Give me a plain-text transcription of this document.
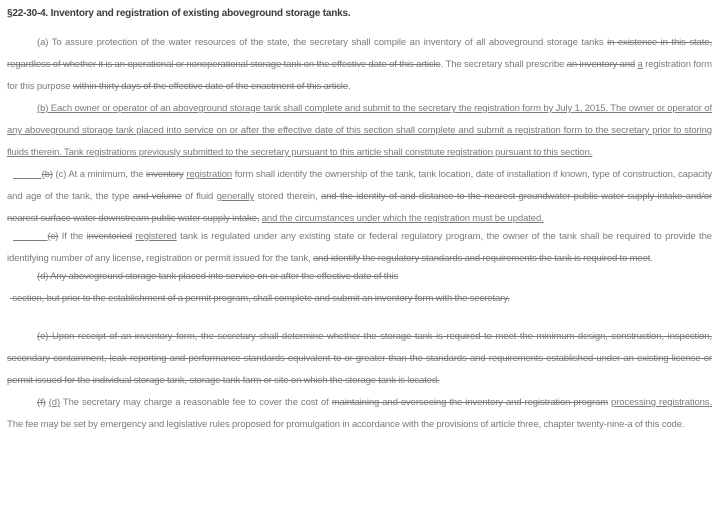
§22-30-4. Inventory and registration of existing aboveground storage tanks.

(a) To assure protection of the water resources of the state, the secretary shall compile an inventory of all aboveground storage tanks in existence in this state, regardless of whether it is an operational or nonoperational storage tank on the effective date of this article. The secretary shall prescribe an inventory and a registration form for this purpose within thirty days of the effective date of the enactment of this article.

(b) Each owner or operator of an aboveground storage tank shall complete and submit to the secretary the registration form by July 1, 2015. The owner or operator of any aboveground storage tank placed into service on or after the effective date of this section shall complete and submit a registration form to the secretary prior to storing fluids therein. Tank registrations previously submitted to the secretary pursuant to this article shall constitute registration pursuant to this section.

(b) (c) At a minimum, the inventory registration form shall identify the ownership of the tank, tank location, date of installation if known, type of construction, capacity and age of the tank, the type and volume of fluid generally stored therein, and the identity of and distance to the nearest groundwater public water supply intake and/or nearest surface water downstream public water supply intake, and the circumstances under which the registration must be updated.

(c) If the inventoried registered tank is regulated under any existing state or federal regulatory program, the owner of the tank shall be required to provide the identifying number of any license, registration or permit issued for the tank, and identify the regulatory standards and requirements the tank is required to meet.

(d) Any aboveground storage tank placed into service on or after the effective date of this

section, but prior to the establishment of a permit program, shall complete and submit an inventory form with the secretary.

(e) Upon receipt of an inventory form, the secretary shall determine whether the storage tank is required to meet the minimum design, construction, inspection, secondary containment, leak reporting and performance standards equivalent to or greater than the standards and requirements established under an existing license or permit issued for the individual storage tank, storage tank farm or site on which the storage tank is located.

(f) (d) The secretary may charge a reasonable fee to cover the cost of maintaining and overseeing the inventory and registration program processing registrations. The fee may be set by emergency and legislative rules proposed for promulgation in accordance with the provisions of article three, chapter twenty-nine-a of this code.
